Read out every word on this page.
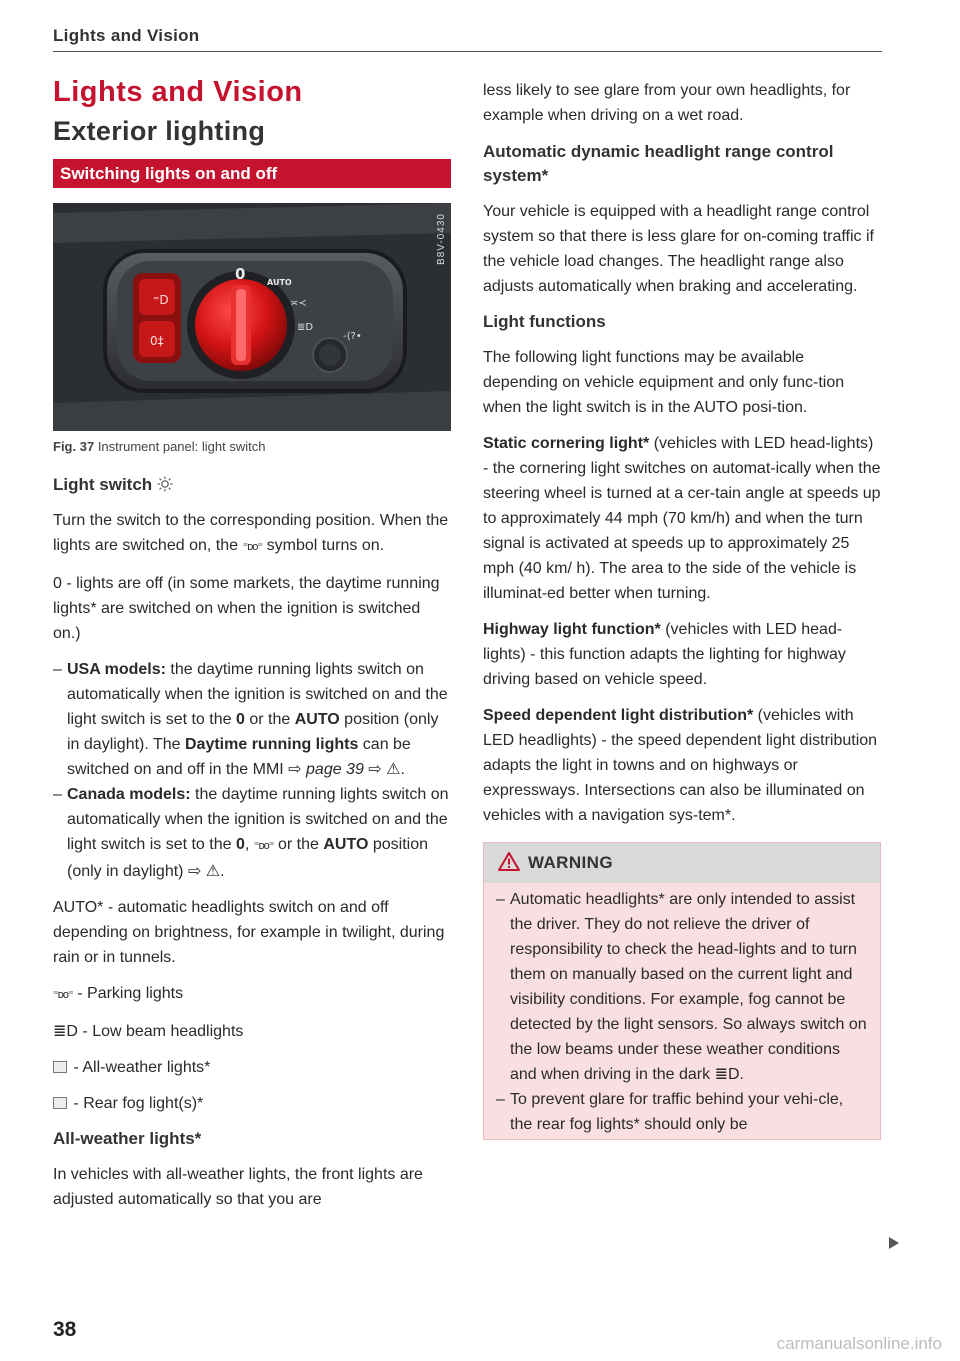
Lights and Vision
Lights and Vision
Exterior lighting
Switching lights on and off
⁼D
0‡
0	AUTO
≍≺
≣D
-⟨?•
B8V-0430
Fig. 37 Instrument panel: light switch
Light switch

Turn the switch to the corresponding position. When the lights are switched on, the ⁼ᴅᴏ⁼ symbol turns on.

0 - lights are off (in some markets, the daytime running lights* are switched on when the ignition is switched on.)

– USA models: the daytime running lights switch on automatically when the ignition is switched on and the light switch is set to the 0 or the AUTO position (only in daylight). The Daytime running lights can be switched on and off in the MMI ⇨ page 39 ⇨ ⚠.
– Canada models: the daytime running lights switch on automatically when the ignition is switched on and the light switch is set to the 0, ⁼ᴅᴏ⁼ or the AUTO position (only in daylight) ⇨ ⚠.

AUTO* - automatic headlights switch on and off depending on brightness, for example in twilight, during rain or in tunnels.

⁼ᴅᴏ⁼ - Parking lights

≣D - Low beam headlights

- All-weather lights*

- Rear fog light(s)*

All-weather lights*

In vehicles with all-weather lights, the front lights are adjusted automatically so that you are

less likely to see glare from your own headlights, for example when driving on a wet road.

Automatic dynamic headlight range control system*

Your vehicle is equipped with a headlight range control system so that there is less glare for on-coming traffic if the vehicle load changes. The headlight range also adjusts automatically when braking and accelerating.

Light functions

The following light functions may be available depending on vehicle equipment and only func-tion when the light switch is in the AUTO posi-tion.

Static cornering light* (vehicles with LED head-lights) - the cornering light switches on automat-ically when the steering wheel is turned at a cer-tain angle at speeds up to approximately 44 mph (70 km/h) and when the turn signal is activated at speeds up to approximately 25 mph (40 km/ h). The area to the side of the vehicle is illuminat-ed better when turning.

Highway light function* (vehicles with LED head-lights) - this function adapts the lighting for highway driving based on vehicle speed.

Speed dependent light distribution* (vehicles with LED headlights) - the speed dependent light distribution adapts the light in towns and on highways or expressways. Intersections can also be illuminated on vehicles with a navigation sys-tem*.

WARNING
– Automatic headlights* are only intended to assist the driver. They do not relieve the driver of responsibility to check the head-lights and to turn them on manually based on the current light and visibility conditions. For example, fog cannot be detected by the light sensors. So always switch on the low beams under these weather conditions and when driving in the dark ≣D.
– To prevent glare for traffic behind your vehi-cle, the rear fog lights* should only be
38
carmanualsonline.info
